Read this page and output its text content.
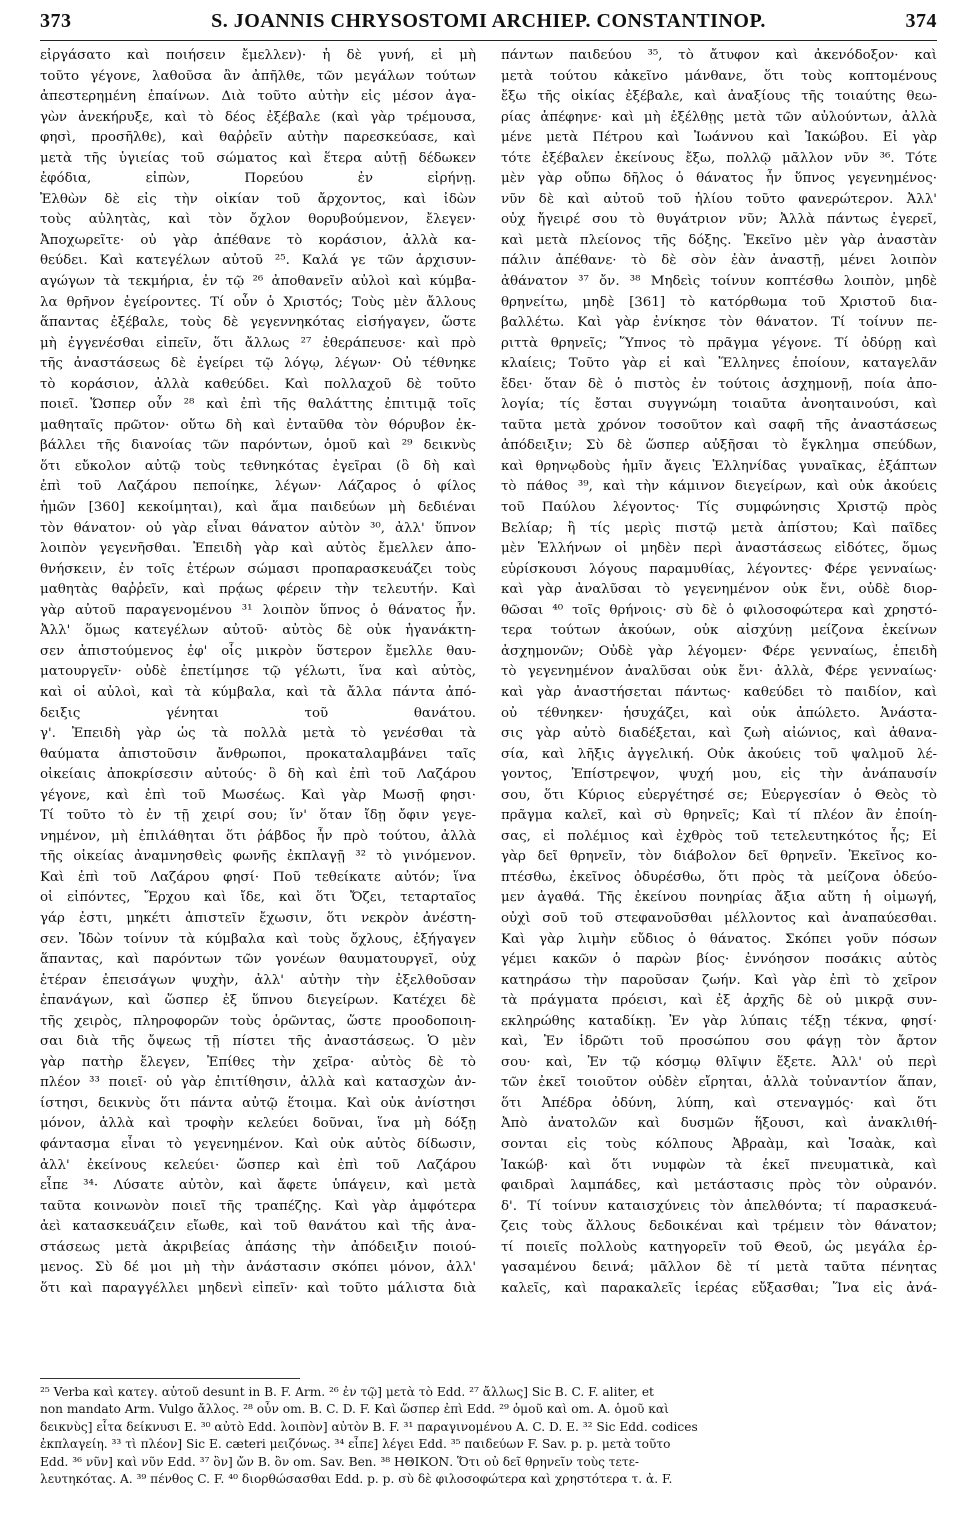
373	S. JOANNIS CHRYSOSTOMI ARCHIEP. CONSTANTINOP.	374
εἰργάσατο καὶ ποιήσειν ἔμελλεν)· ἡ δὲ γυνή, εἰ μὴ
τοῦτο γέγονε, λαθοῦσα ἂν ἀπῆλθε, τῶν μεγάλων τούτων
ἀπεστερημένη ἐπαίνων. Διὰ τοῦτο αὐτὴν εἰς μέσον ἀγα-
γὼν ἀνεκήρυξε, καὶ τὸ δέος ἐξέβαλε (καὶ γὰρ τρέμουσα,
φησὶ, προσῆλθε), καὶ θαῤῥεῖν αὐτὴν παρεσκεύασε, καὶ
μετὰ τῆς ὑγιείας τοῦ σώματος καὶ ἕτερα αὐτῇ δέδωκεν
ἐφόδια, εἰπὼν, Πορεύου ἐν εἰρήνῃ.
Ἐλθὼν δὲ εἰς τὴν οἰκίαν τοῦ ἄρχοντος, καὶ ἰδὼν
τοὺς αὐλητὰς, καὶ τὸν ὄχλον θορυβούμενον, ἔλεγεν·
Ἀποχωρεῖτε· οὐ γὰρ ἀπέθανε τὸ κοράσιον, ἀλλὰ κα-
θεύδει. Καὶ κατεγέλων αὐτοῦ ²⁵. Καλά γε τῶν ἀρχισυν-
αγώγων τὰ τεκμήρια, ἐν τῷ ²⁶ ἀποθανεῖν αὐλοὶ καὶ κύμβα-
λα θρῆνον ἐγείροντες. Τί οὖν ὁ Χριστός; Τοὺς μὲν ἄλλους
ἅπαντας ἐξέβαλε, τοὺς δὲ γεγεννηκότας εἰσήγαγεν, ὥστε
μὴ ἐγγενέσθαι εἰπεῖν, ὅτι ἄλλως ²⁷ ἐθεράπευσε· καὶ πρὸ
τῆς ἀναστάσεως δὲ ἐγείρει τῷ λόγῳ, λέγων· Οὐ τέθνηκε
τὸ κοράσιον, ἀλλὰ καθεύδει. Καὶ πολλαχοῦ δὲ τοῦτο
ποιεῖ. Ὥσπερ οὖν ²⁸ καὶ ἐπὶ τῆς θαλάττης ἐπιτιμᾷ τοῖς
μαθηταῖς πρῶτον· οὕτω δὴ καὶ ἐνταῦθα τὸν θόρυβον ἐκ-
βάλλει τῆς διανοίας τῶν παρόντων, ὁμοῦ καὶ ²⁹ δεικνὺς
ὅτι εὔκολον αὐτῷ τοὺς τεθνηκότας ἐγεῖραι (ὃ δὴ καὶ
ἐπὶ τοῦ Λαζάρου πεποίηκε, λέγων· Λάζαρος ὁ φίλος
ἡμῶν [360] κεκοίμηται), καὶ ἅμα παιδεύων μὴ δεδιέναι
τὸν θάνατον· οὐ γὰρ εἶναι θάνατον αὐτὸν ³⁰, ἀλλ' ὕπνον
λοιπὸν γεγενῆσθαι. Ἐπειδὴ γὰρ καὶ αὐτὸς ἔμελλεν ἀπο-
θνήσκειν, ἐν τοῖς ἑτέρων σώμασι προπαρασκευάζει τοὺς
μαθητὰς θαῤῥεῖν, καὶ πρᾴως φέρειν τὴν τελευτήν. Καὶ
γὰρ αὐτοῦ παραγενομένου ³¹ λοιπὸν ὕπνος ὁ θάνατος ἦν.
Ἀλλ' ὅμως κατεγέλων αὐτοῦ· αὐτὸς δὲ οὐκ ἠγανάκτη-
σεν ἀπιστούμενος ἐφ' οἷς μικρὸν ὕστερον ἔμελλε θαυ-
ματουργεῖν· οὐδὲ ἐπετίμησε τῷ γέλωτι, ἵνα καὶ αὐτὸς,
καὶ οἱ αὐλοὶ, καὶ τὰ κύμβαλα, καὶ τὰ ἄλλα πάντα ἀπό-
δειξις γένηται τοῦ θανάτου.
γ'. Ἐπειδὴ γὰρ ὡς τὰ πολλὰ μετὰ τὸ γενέσθαι τὰ
θαύματα ἀπιστοῦσιν ἄνθρωποι, προκαταλαμβάνει ταῖς
οἰκείαις ἀποκρίσεσιν αὐτούς· ὃ δὴ καὶ ἐπὶ τοῦ Λαζάρου
γέγονε, καὶ ἐπὶ τοῦ Μωσέως. Καὶ γὰρ Μωσῇ φησι·
Τί τοῦτο τὸ ἐν τῇ χειρί σου; ἵν' ὅταν ἴδῃ ὄφιν γεγε-
νημένον, μὴ ἐπιλάθηται ὅτι ῥάβδος ἦν πρὸ τούτου, ἀλλὰ
τῆς οἰκείας ἀναμνησθεὶς φωνῆς ἐκπλαγῇ ³² τὸ γινόμενον.
Καὶ ἐπὶ τοῦ Λαζάρου φησί· Ποῦ τεθείκατε αὐτόν; ἵνα
οἱ εἰπόντες, Ἔρχου καὶ ἴδε, καὶ ὅτι Ὄζει, τεταρταῖος
γάρ ἐστι, μηκέτι ἀπιστεῖν ἔχωσιν, ὅτι νεκρὸν ἀνέστη-
σεν. Ἰδὼν τοίνυν τὰ κύμβαλα καὶ τοὺς ὄχλους, ἐξήγαγεν
ἅπαντας, καὶ παρόντων τῶν γονέων θαυματουργεῖ, οὐχ
ἑτέραν ἐπεισάγων ψυχὴν, ἀλλ' αὐτὴν τὴν ἐξελθοῦσαν
ἐπανάγων, καὶ ὥσπερ ἐξ ὕπνου διεγείρων. Κατέχει δὲ
τῆς χειρὸς, πληροφορῶν τοὺς ὁρῶντας, ὥστε προοδοποιη-
σαι διὰ τῆς ὄψεως τῇ πίστει τῆς ἀναστάσεως. Ὁ μὲν
γὰρ πατὴρ ἔλεγεν, Ἐπίθες τὴν χεῖρα· αὐτὸς δὲ τὸ
πλέον ³³ ποιεῖ· οὐ γὰρ ἐπιτίθησιν, ἀλλὰ καὶ κατασχὼν ἀν-
ίστησι, δεικνὺς ὅτι πάντα αὐτῷ ἕτοιμα. Καὶ οὐκ ἀνίστησι
μόνον, ἀλλὰ καὶ τροφὴν κελεύει δοῦναι, ἵνα μὴ δόξῃ
φάντασμα εἶναι τὸ γεγενημένον. Καὶ οὐκ αὐτὸς δίδωσιν,
ἀλλ' ἐκείνους κελεύει· ὥσπερ καὶ ἐπὶ τοῦ Λαζάρου
εἶπε ³⁴· Λύσατε αὐτὸν, καὶ ἄφετε ὑπάγειν, καὶ μετὰ
ταῦτα κοινωνὸν ποιεῖ τῆς τραπέζης. Καὶ γὰρ ἀμφότερα
ἀεὶ κατασκευάζειν εἴωθε, καὶ τοῦ θανάτου καὶ τῆς ἀνα-
στάσεως μετὰ ἀκριβείας ἁπάσης τὴν ἀπόδειξιν ποιού-
μενος. Σὺ δέ μοι μὴ τὴν ἀνάστασιν σκόπει μόνον, ἀλλ'
ὅτι καὶ παραγγέλλει μηδενὶ εἰπεῖν· καὶ τοῦτο μάλιστα διὰ
πάντων παιδεύου ³⁵, τὸ ἄτυφον καὶ ἀκενόδοξον· καὶ
μετὰ τούτου κἀκεῖνο μάνθανε, ὅτι τοὺς κοπτομένους
ἔξω τῆς οἰκίας ἐξέβαλε, καὶ ἀναξίους τῆς τοιαύτης θεω-
ρίας ἀπέφηνε· καὶ μὴ ἐξέλθῃς μετὰ τῶν αὐλούντων, ἀλλὰ
μένε μετὰ Πέτρου καὶ Ἰωάννου καὶ Ἰακώβου. Εἰ γὰρ
τότε ἐξέβαλεν ἐκείνους ἔξω, πολλῷ μᾶλλον νῦν ³⁶. Τότε
μὲν γὰρ οὔπω δῆλος ὁ θάνατος ἦν ὕπνος γεγενημένος·
νῦν δὲ καὶ αὐτοῦ τοῦ ἡλίου τοῦτο φανερώτερον. Ἀλλ'
οὐχ ἤγειρέ σου τὸ θυγάτριον νῦν; Ἀλλὰ πάντως ἐγερεῖ,
καὶ μετὰ πλείονος τῆς δόξης. Ἐκεῖνο μὲν γὰρ ἀναστὰν
πάλιν ἀπέθανε· τὸ δὲ σὸν ἐὰν ἀναστῇ, μένει λοιπὸν
ἀθάνατον ³⁷ ὄν. ³⁸ Μηδεὶς τοίνυν κοπτέσθω λοιπὸν, μηδὲ
θρηνείτω, μηδὲ [361] τὸ κατόρθωμα τοῦ Χριστοῦ δια-
βαλλέτω. Καὶ γὰρ ἐνίκησε τὸν θάνατον. Τί τοίνυν πε-
ριττὰ θρηνεῖς; Ὕπνος τὸ πρᾶγμα γέγονε. Τί ὀδύρῃ καὶ
κλαίεις; Τοῦτο γὰρ εἰ καὶ Ἕλληνες ἐποίουν, καταγελᾶν
ἔδει· ὅταν δὲ ὁ πιστὸς ἐν τούτοις ἀσχημονῇ, ποία ἀπο-
λογία; τίς ἔσται συγγνώμη τοιαῦτα ἀνοηταινούσι, καὶ
ταῦτα μετὰ χρόνον τοσοῦτον καὶ σαφῆ τῆς ἀναστάσεως
ἀπόδειξιν; Σὺ δὲ ὥσπερ αὐξῆσαι τὸ ἔγκλημα σπεύδων,
καὶ θρηνῳδοὺς ἡμῖν ἄγεις Ἑλληνίδας γυναῖκας, ἐξάπτων
τὸ πάθος ³⁹, καὶ τὴν κάμινον διεγείρων, καὶ οὐκ ἀκούεις
τοῦ Παύλου λέγοντος· Τίς συμφώνησις Χριστῷ πρὸς
Βελίαρ; ἢ τίς μερὶς πιστῷ μετὰ ἀπίστου; Καὶ παῖδες
μὲν Ἑλλήνων οἱ μηδὲν περὶ ἀναστάσεως εἰδότες, ὅμως
εὑρίσκουσι λόγους παραμυθίας, λέγοντες· Φέρε γενναίως·
καὶ γὰρ ἀναλῦσαι τὸ γεγενημένον οὐκ ἔνι, οὐδὲ διορ-
θῶσαι ⁴⁰ τοῖς θρήνοις· σὺ δὲ ὁ φιλοσοφώτερα καὶ χρηστό-
τερα τούτων ἀκούων, οὐκ αἰσχύνῃ μείζονα ἐκείνων
ἀσχημονῶν; Οὐδὲ γὰρ λέγομεν· Φέρε γενναίως, ἐπειδὴ
τὸ γεγενημένον ἀναλῦσαι οὐκ ἔνι· ἀλλὰ, Φέρε γενναίως·
καὶ γὰρ ἀναστήσεται πάντως· καθεύδει τὸ παιδίον, καὶ
οὐ τέθνηκεν· ἡσυχάζει, καὶ οὐκ ἀπώλετο. Ἀνάστα-
σις γὰρ αὐτὸ διαδέξεται, καὶ ζωὴ αἰώνιος, καὶ ἀθανα-
σία, καὶ λῆξις ἀγγελική. Οὐκ ἀκούεις τοῦ ψαλμοῦ λέ-
γοντος, Ἐπίστρεψον, ψυχή μου, εἰς τὴν ἀνάπαυσίν
σου, ὅτι Κύριος εὐεργέτησέ σε; Εὐεργεσίαν ὁ Θεὸς τὸ
πρᾶγμα καλεῖ, καὶ σὺ θρηνεῖς; Καὶ τί πλέον ἂν ἐποίη-
σας, εἰ πολέμιος καὶ ἐχθρὸς τοῦ τετελευτηκότος ἧς; Εἰ
γὰρ δεῖ θρηνεῖν, τὸν διάβολον δεῖ θρηνεῖν. Ἐκεῖνος κο-
πτέσθω, ἐκεῖνος ὀδυρέσθω, ὅτι πρὸς τὰ μείζονα ὁδεύο-
μεν ἀγαθά. Τῆς ἐκείνου πονηρίας ἄξια αὕτη ἡ οἰμωγή,
οὐχὶ σοῦ τοῦ στεφανοῦσθαι μέλλοντος καὶ ἀναπαύεσθαι.
Καὶ γὰρ λιμὴν εὔδιος ὁ θάνατος. Σκόπει γοῦν πόσων
γέμει κακῶν ὁ παρὼν βίος· ἐννόησον ποσάκις αὐτὸς
κατηράσω τὴν παροῦσαν ζωήν. Καὶ γὰρ ἐπὶ τὸ χεῖρον
τὰ πράγματα πρόεισι, καὶ ἐξ ἀρχῆς δὲ οὐ μικρᾷ συν-
εκληρώθης καταδίκῃ. Ἐν γὰρ λύπαις τέξῃ τέκνα, φησί·
καὶ, Ἐν ἱδρῶτι τοῦ προσώπου σου φάγῃ τὸν ἄρτον
σου· καὶ, Ἐν τῷ κόσμῳ θλῖψιν ἕξετε. Ἀλλ' οὐ περὶ
τῶν ἐκεῖ τοιοῦτον οὐδὲν εἴρηται, ἀλλὰ τοὐναντίον ἅπαν,
ὅτι Ἀπέδρα ὀδύνη, λύπη, καὶ στεναγμός· καὶ ὅτι
Ἀπὸ ἀνατολῶν καὶ δυσμῶν ἥξουσι, καὶ ἀνακλιθή-
σονται εἰς τοὺς κόλπους Ἀβραὰμ, καὶ Ἰσαὰκ, καὶ
Ἰακώβ· καὶ ὅτι νυμφὼν τὰ ἐκεῖ πνευματικὰ, καὶ
φαιδραὶ λαμπάδες, καὶ μετάστασις πρὸς τὸν οὐρανόν.
δ'. Τί τοίνυν καταισχύνεις τὸν ἀπελθόντα; τί παρασκευά-
ζεις τοὺς ἄλλους δεδοικέναι καὶ τρέμειν τὸν θάνατον;
τί ποιεῖς πολλοὺς κατηγορεῖν τοῦ Θεοῦ, ὡς μεγάλα ἐρ-
γασαμένου δεινά; μᾶλλον δὲ τί μετὰ ταῦτα πένητας
καλεῖς, καὶ παρακαλεῖς ἱερέας εὔξασθαι; Ἵνα εἰς ἀνά-
²⁵ Verba καὶ κατεγ. αὐτοῦ desunt in B. F. Arm. ²⁶ ἐν τῷ] μετὰ τὸ Edd. ²⁷ ἄλλως] Sic B. C. F. aliter, et
non mandato Arm. Vulgo ἄλλος. ²⁸ οὖν om. B. C. D. F. Καὶ ὥσπερ ἐπὶ Edd. ²⁹ ὁμοῦ καὶ om. A. ὁμοῦ καὶ
δεικνὺς] εἶτα δείκνυσι E. ³⁰ αὐτὸ Edd. λοιπὸν] αὐτὸν B. F. ³¹ παραγινομένου A. C. D. E. ³² Sic Edd. codices
ἐκπλαγείη. ³³ τὶ πλέον] Sic E. cæteri μειζόνως. ³⁴ εἶπε] λέγει Edd. ³⁵ παιδεύων F. Sav. p. p. μετὰ τοῦτο
Edd. ³⁶ νῦν] καὶ νῦν Edd. ³⁷ ὂν] ὤν B. ὂν om. Sav. Ben. ³⁸ ΗΘΙΚΟΝ. Ὅτι οὐ δεῖ θρηνεῖν τοὺς τετε-
λευτηκότας. A. ³⁹ πένθος C. F. ⁴⁰ διορθώσασθαι Edd. p. p. σὺ δὲ φιλοσοφώτερα καὶ χρηστότερα τ. ἀ. F.
